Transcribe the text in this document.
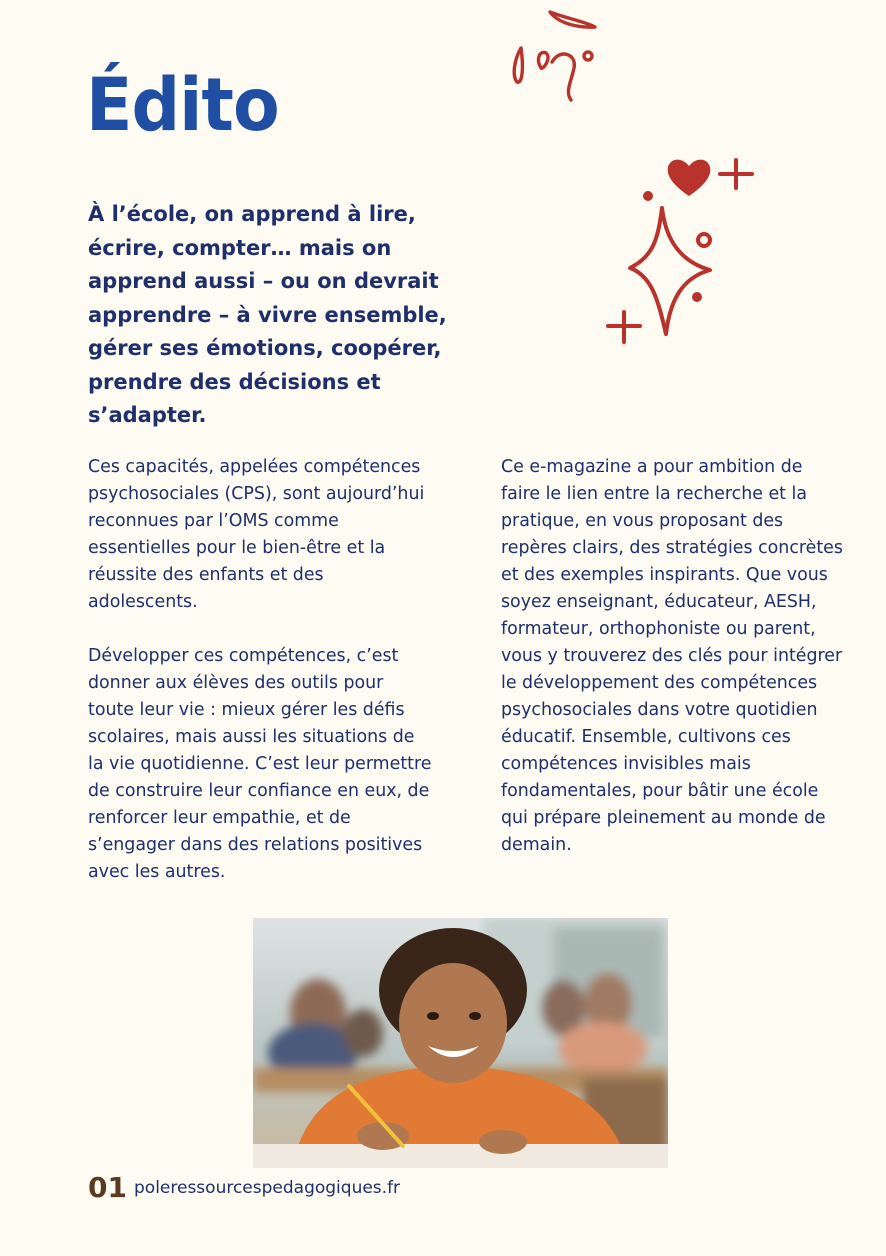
Édito

À l’école, on apprend à lire, écrire, compter… mais on apprend aussi – ou on devrait apprendre – à vivre ensemble, gérer ses émotions, coopérer, prendre des décisions et s’adapter.

Ces capacités, appelées compétences psychosociales (CPS), sont aujourd’hui reconnues par l’OMS comme essentielles pour le bien-être et la réussite des enfants et des adolescents.

Développer ces compétences, c’est donner aux élèves des outils pour toute leur vie : mieux gérer les défis scolaires, mais aussi les situations de la vie quotidienne. C’est leur permettre de construire leur confiance en eux, de renforcer leur empathie, et de s’engager dans des relations positives avec les autres.

Ce e-magazine a pour ambition de faire le lien entre la recherche et la pratique, en vous proposant des repères clairs, des stratégies concrètes et des exemples inspirants. Que vous soyez enseignant, éducateur, AESH, formateur, orthophoniste ou parent, vous y trouverez des clés pour intégrer le développement des compétences psychosociales dans votre quotidien éducatif. Ensemble, cultivons ces compétences invisibles mais fondamentales, pour bâtir une école qui prépare pleinement au monde de demain.

01 poleressourcespedagogiques.fr
